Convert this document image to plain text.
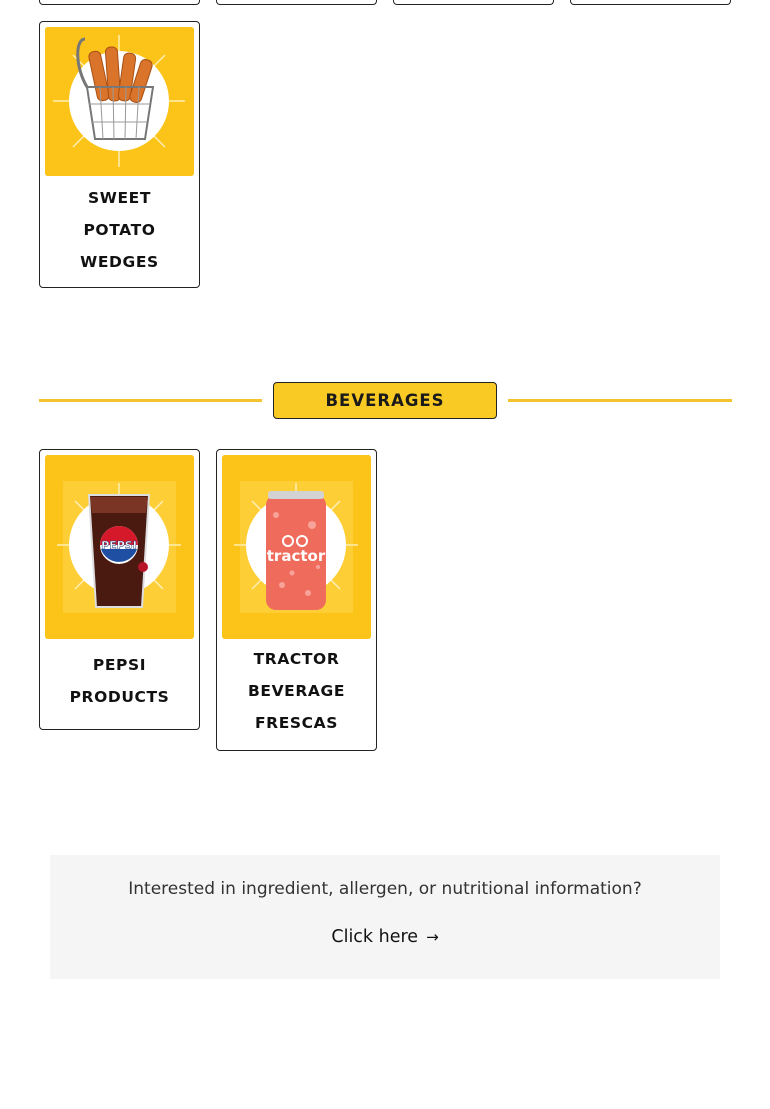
SWEET
POTATO
WEDGES
BEVERAGES
PEPSI
PEPSI
PRODUCTS
tractor
TRACTOR
BEVERAGE
FRESCAS
Interested in ingredient, allergen, or nutritional information?
Click here →
